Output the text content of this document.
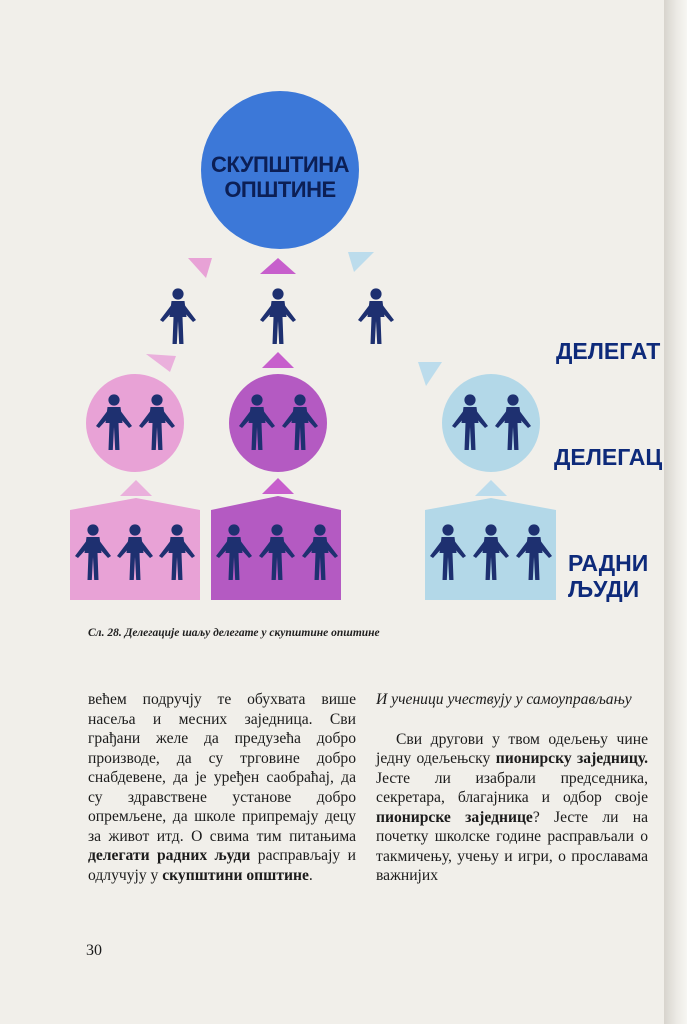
СКУПШТИНА
ОПШТИНЕ
ДЕЛЕГАТ
ДЕЛЕГАЦ
РАДНИ
ЉУДИ
Сл. 28. Делегације шаљу делегате у скупштине општине

већем подручју те обухвата више насеља и месних заједница. Сви грађани желе да предузећа добро производе, да су трговине добро снабдевене, да је уређен саобраћај, да су здравствене установе добро опремљене, да школе припремају децу за живот итд. О свима тим питањима делегати радних људи расправљају и одлучују у скупштини општине.

И ученици учествују у самоуправљању

Сви другови у твом одељењу чине једну одељењску пионирску заједницу. Јесте ли изабрали председника, секретара, благајника и одбор своје пионирске заједнице? Јесте ли на почетку школске године расправљали о такмичењу, учењу и игри, о прославама важнијих

30
